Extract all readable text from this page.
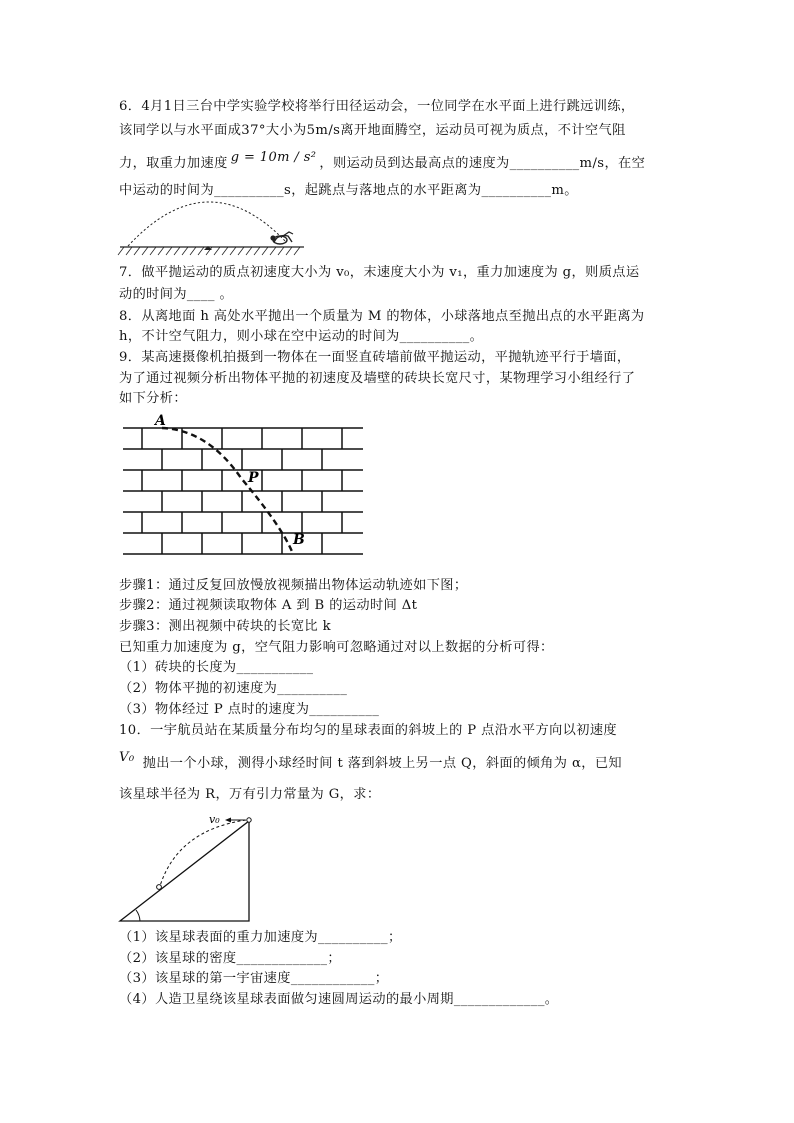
6．4月1日三台中学实验学校将举行田径运动会，一位同学在水平面上进行跳远训练，
该同学以与水平面成37°大小为5m/s离开地面腾空，运动员可视为质点，不计空气阻
力，取重力加速度 g = 10m / s² ，则运动员到达最高点的速度为__________m/s，在空
中运动的时间为__________s，起跳点与落地点的水平距离为__________m。
7．做平抛运动的质点初速度大小为 v₀，末速度大小为 v₁，重力加速度为 g，则质点运
动的时间为____ 。
8．从离地面 h 高处水平抛出一个质量为 M 的物体，小球落地点至抛出点的水平距离为
h，不计空气阻力，则小球在空中运动的时间为__________。
9．某高速摄像机拍摄到一物体在一面竖直砖墙前做平抛运动，平抛轨迹平行于墙面，
为了通过视频分析出物体平抛的初速度及墙壁的砖块长宽尺寸，某物理学习小组经行了
如下分析：
A
P
B
步骤1：通过反复回放慢放视频描出物体运动轨迹如下图；
步骤2：通过视频读取物体 A 到 B 的运动时间 Δt
步骤3：测出视频中砖块的长宽比 k
已知重力加速度为 g，空气阻力影响可忽略通过对以上数据的分析可得：
（1）砖块的长度为___________
（2）物体平抛的初速度为__________
（3）物体经过 P 点时的速度为__________
10．一宇航员站在某质量分布均匀的星球表面的斜坡上的 P 点沿水平方向以初速度
V₀ 抛出一个小球，测得小球经时间 t 落到斜坡上另一点 Q，斜面的倾角为 α，已知
该星球半径为 R，万有引力常量为 G，求：
v₀
（1）该星球表面的重力加速度为__________；
（2）该星球的密度_____________；
（3）该星球的第一宇宙速度____________；
（4）人造卫星绕该星球表面做匀速圆周运动的最小周期_____________。
